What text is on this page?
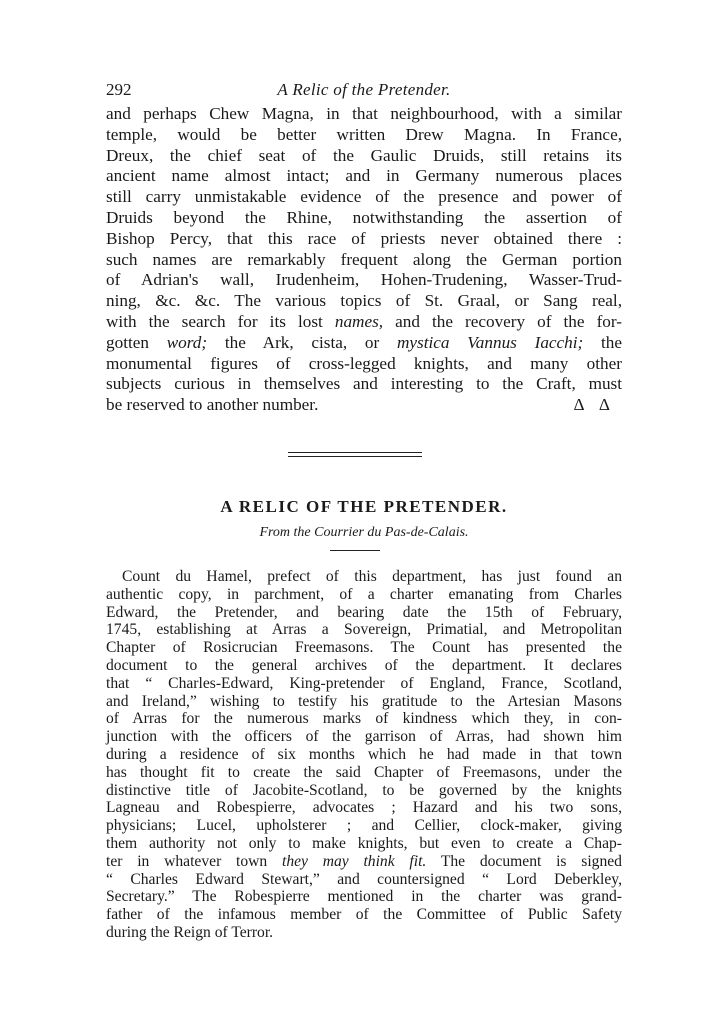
292	A Relic of the Pretender.

and perhaps Chew Magna, in that neighbourhood, with a similar
temple, would be better written Drew Magna. In France,
Dreux, the chief seat of the Gaulic Druids, still retains its
ancient name almost intact; and in Germany numerous places
still carry unmistakable evidence of the presence and power of
Druids beyond the Rhine, notwithstanding the assertion of
Bishop Percy, that this race of priests never obtained there :
such names are remarkably frequent along the German portion
of Adrian's wall, Irudenheim, Hohen-Trudening, Wasser-Trud-
ning, &c. &c. The various topics of St. Graal, or Sang real,
with the search for its lost names, and the recovery of the for-
gotten word; the Ark, cista, or mystica Vannus Iacchi; the
monumental figures of cross-legged knights, and many other
subjects curious in themselves and interesting to the Craft, must
be reserved to another number.	Δ Δ

A RELIC OF THE PRETENDER.

From the Courrier du Pas-de-Calais.

Count du Hamel, prefect of this department, has just found an
authentic copy, in parchment, of a charter emanating from Charles
Edward, the Pretender, and bearing date the 15th of February,
1745, establishing at Arras a Sovereign, Primatial, and Metropolitan
Chapter of Rosicrucian Freemasons. The Count has presented the
document to the general archives of the department. It declares
that “ Charles-Edward, King-pretender of England, France, Scotland,
and Ireland,” wishing to testify his gratitude to the Artesian Masons
of Arras for the numerous marks of kindness which they, in con-
junction with the officers of the garrison of Arras, had shown him
during a residence of six months which he had made in that town
has thought fit to create the said Chapter of Freemasons, under the
distinctive title of Jacobite-Scotland, to be governed by the knights
Lagneau and Robespierre, advocates ; Hazard and his two sons,
physicians; Lucel, upholsterer ; and Cellier, clock-maker, giving
them authority not only to make knights, but even to create a Chap-
ter in whatever town they may think fit. The document is signed
“ Charles Edward Stewart,” and countersigned “ Lord Deberkley,
Secretary.” The Robespierre mentioned in the charter was grand-
father of the infamous member of the Committee of Public Safety
during the Reign of Terror.
